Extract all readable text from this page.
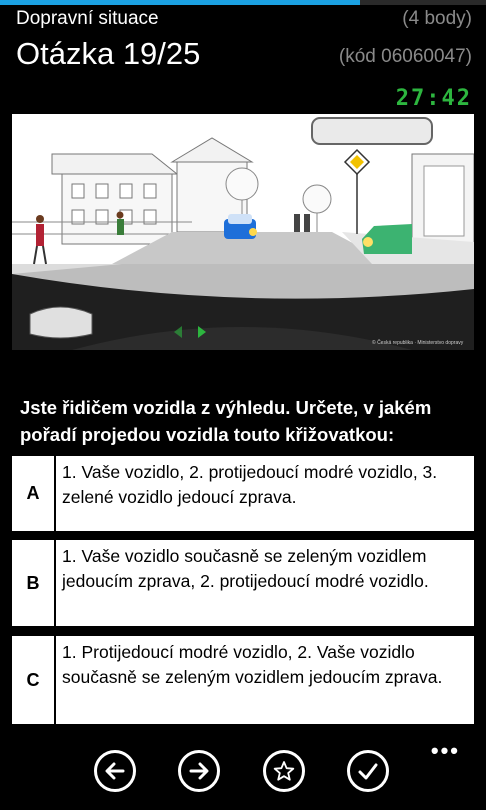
Dopravní situace	(4 body)
Otázka 19/25	(kód 06060047)
27:42
© Česká republika · Ministerstvo dopravy
Jste řidičem vozidla z výhledu. Určete, v jakém pořadí projedou vozidla touto křižovatkou:
A
1. Vaše vozidlo, 2. protijedoucí modré vozidlo, 3. zelené vozidlo jedoucí zprava.
B
1. Vaše vozidlo současně se zeleným vozidlem jedoucím zprava, 2. protijedoucí modré vozidlo.
C
1. Protijedoucí modré vozidlo, 2. Vaše vozidlo současně se zeleným vozidlem jedoucím zprava.
•••
